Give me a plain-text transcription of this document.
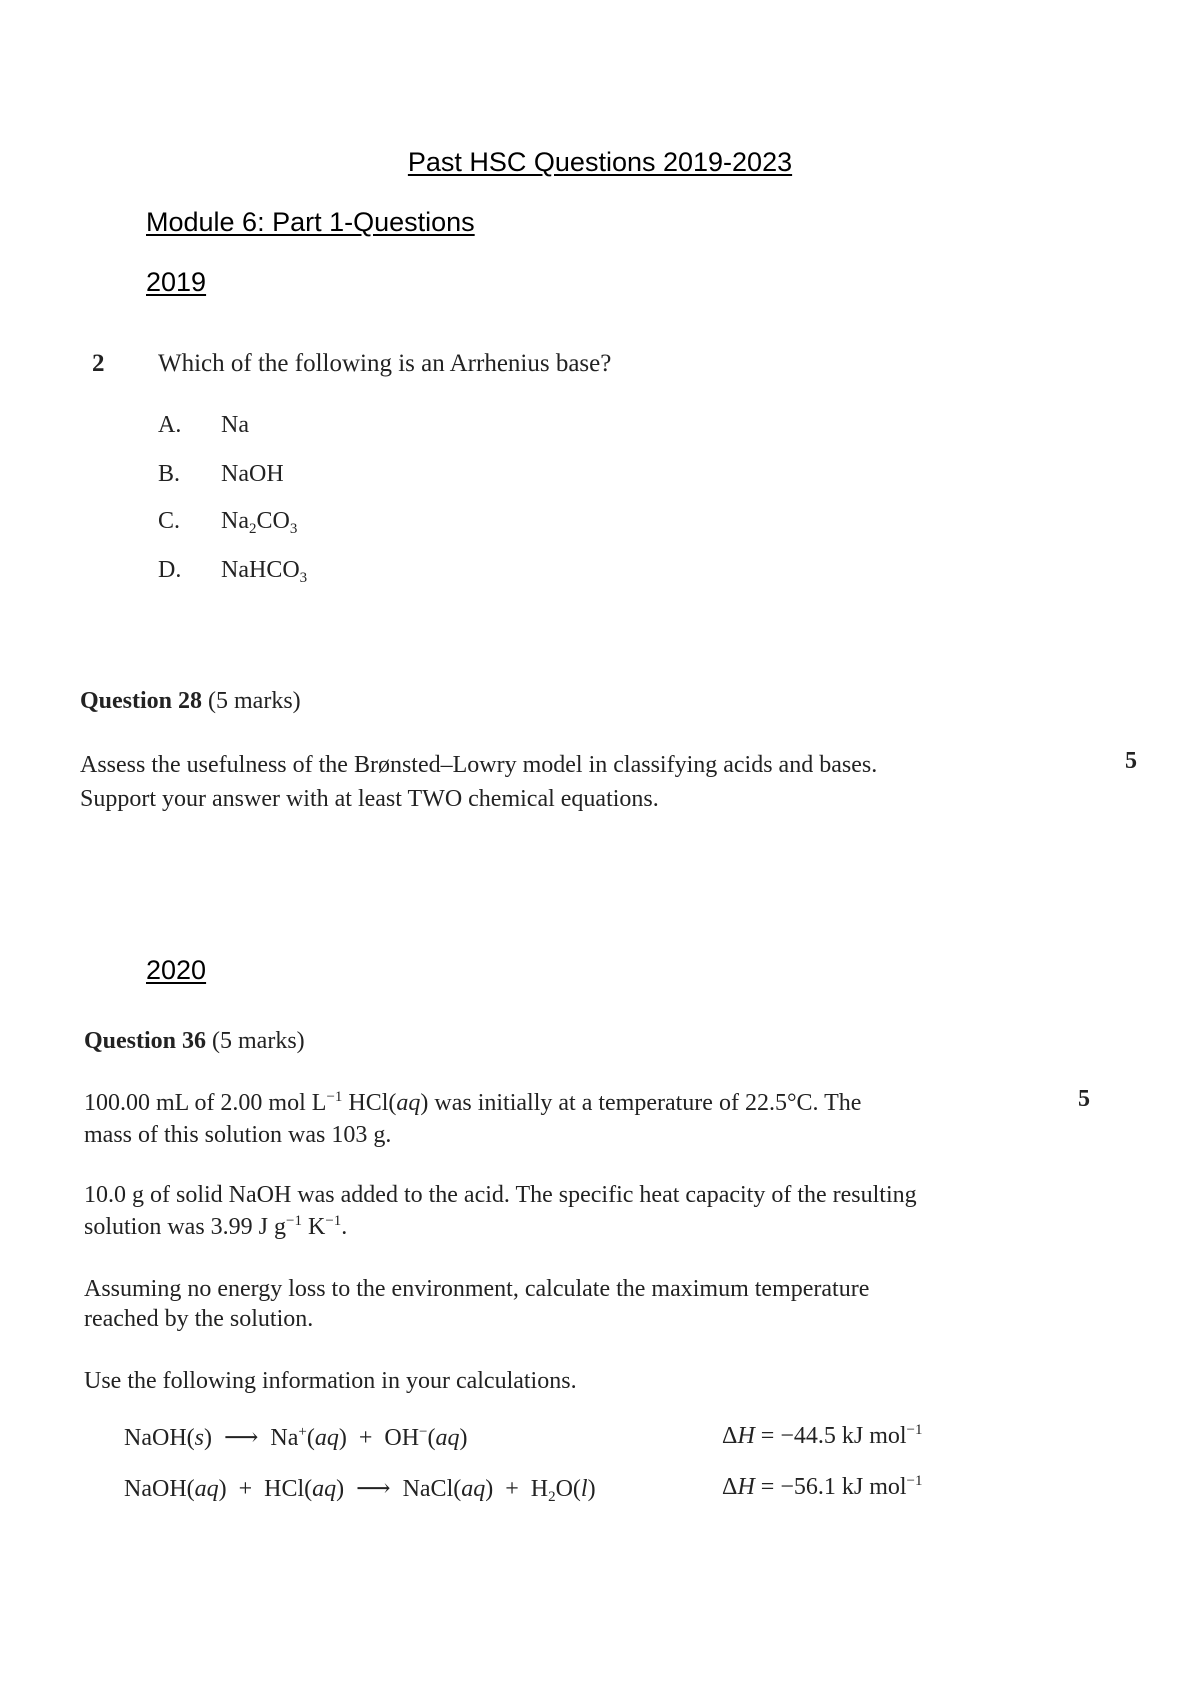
Past HSC Questions 2019-2023
Module 6: Part 1-Questions
2019
2 Which of the following is an Arrhenius base?
A. Na
B. NaOH
C. $Na_2CO_3$
D. NaHCO$_3$
Question 28 (5 marks)
Assess the usefulness of the Brønsted–Lowry model in classifying acids and bases.
Support your answer with at least TWO chemical equations.
5
2020
Question 36 (5 marks)
100.00 mL of 2.00 mol $L^{-1}$ HCl(aq) was initially at a temperature of 22.5°C. The
mass of this solution was 103 g.
5
10.0 g of solid NaOH was added to the acid. The specific heat capacity of the resulting
solution was 3.99 J $g^{-1}$ $K^{-1}$.
Assuming no energy loss to the environment, calculate the maximum temperature
reached by the solution.
Use the following information in your calculations.
NaOH(s)  ⟶  Na+(aq)  +  OH−(aq)	ΔH = −44.5 kJ mol$^{-1}$
NaOH(aq)  +  HCl(aq)  ⟶  NaCl(aq)  +  $H_2O(l)$	ΔH = −56.1 kJ mol$^{-1}$
